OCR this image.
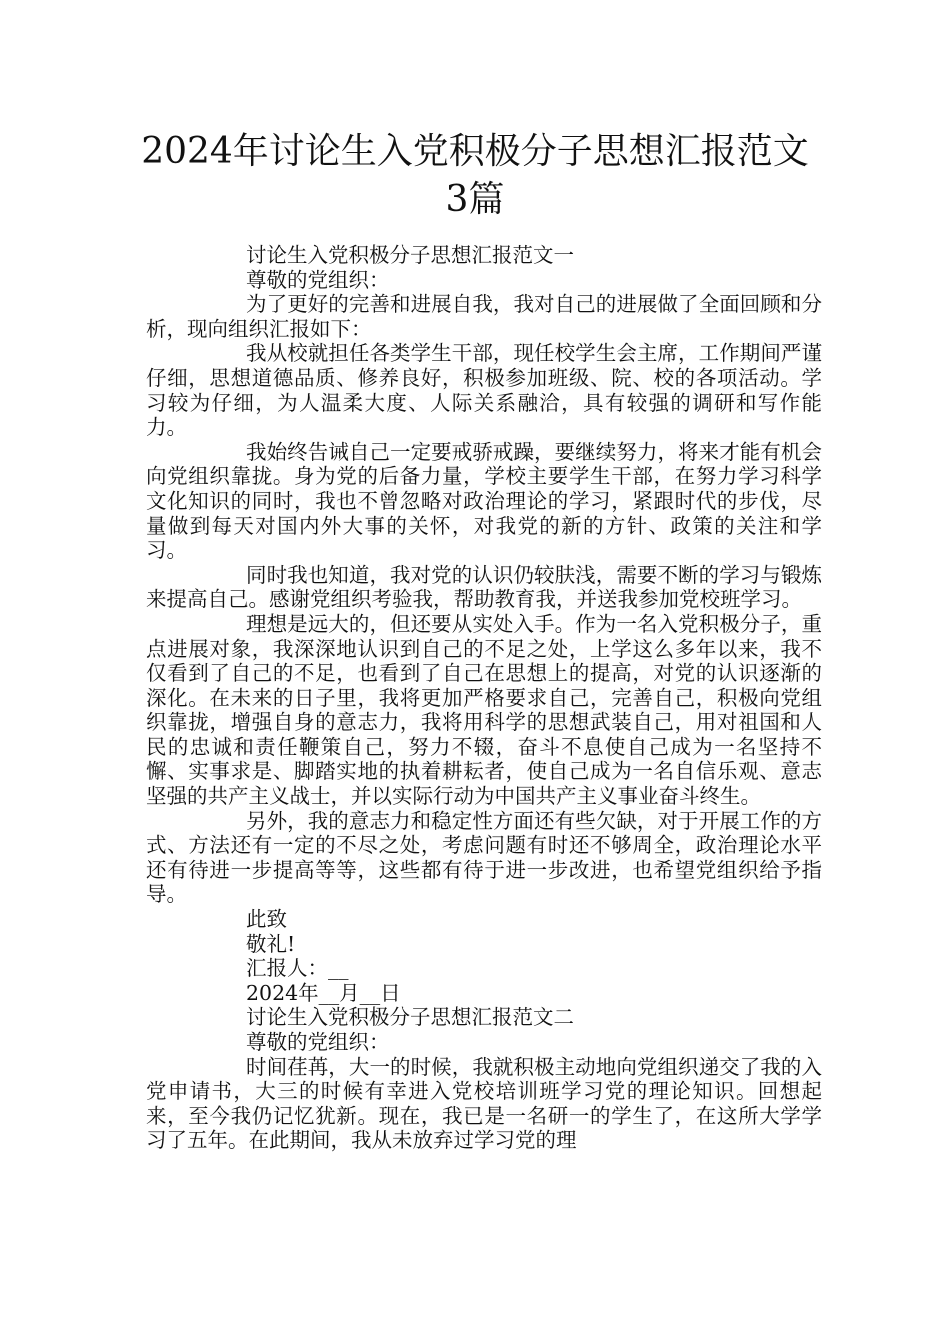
2024年讨论生入党积极分子思想汇报范文
3篇

讨论生入党积极分子思想汇报范文一

尊敬的党组织：

为了更好的完善和进展自我，我对自己的进展做了全面回顾和分析，现向组织汇报如下：

我从校就担任各类学生干部，现任校学生会主席，工作期间严谨仔细，思想道德品质、修养良好，积极参加班级、院、校的各项活动。学习较为仔细，为人温柔大度、人际关系融洽，具有较强的调研和写作能力。

我始终告诫自己一定要戒骄戒躁，要继续努力，将来才能有机会向党组织靠拢。身为党的后备力量，学校主要学生干部，在努力学习科学文化知识的同时，我也不曾忽略对政治理论的学习，紧跟时代的步伐，尽量做到每天对国内外大事的关怀，对我党的新的方针、政策的关注和学习。

同时我也知道，我对党的认识仍较肤浅，需要不断的学习与锻炼来提高自己。感谢党组织考验我，帮助教育我，并送我参加党校班学习。

理想是远大的，但还要从实处入手。作为一名入党积极分子，重点进展对象，我深深地认识到自己的不足之处，上学这么多年以来，我不仅看到了自己的不足，也看到了自己在思想上的提高，对党的认识逐渐的深化。在未来的日子里，我将更加严格要求自己，完善自己，积极向党组织靠拢，增强自身的意志力，我将用科学的思想武装自己，用对祖国和人民的忠诚和责任鞭策自己，努力不辍，奋斗不息使自己成为一名坚持不懈、实事求是、脚踏实地的执着耕耘者，使自己成为一名自信乐观、意志坚强的共产主义战士，并以实际行动为中国共产主义事业奋斗终生。

另外，我的意志力和稳定性方面还有些欠缺，对于开展工作的方式、方法还有一定的不尽之处，考虑问题有时还不够周全，政治理论水平还有待进一步提高等等，这些都有待于进一步改进，也希望党组织给予指导。

此致

敬礼!

汇报人：__

2024年__月__日

讨论生入党积极分子思想汇报范文二

尊敬的党组织：

时间荏苒，大一的时候，我就积极主动地向党组织递交了我的入党申请书，大三的时候有幸进入党校培训班学习党的理论知识。回想起来，至今我仍记忆犹新。现在，我已是一名研一的学生了，在这所大学学习了五年。在此期间，我从未放弃过学习党的理
